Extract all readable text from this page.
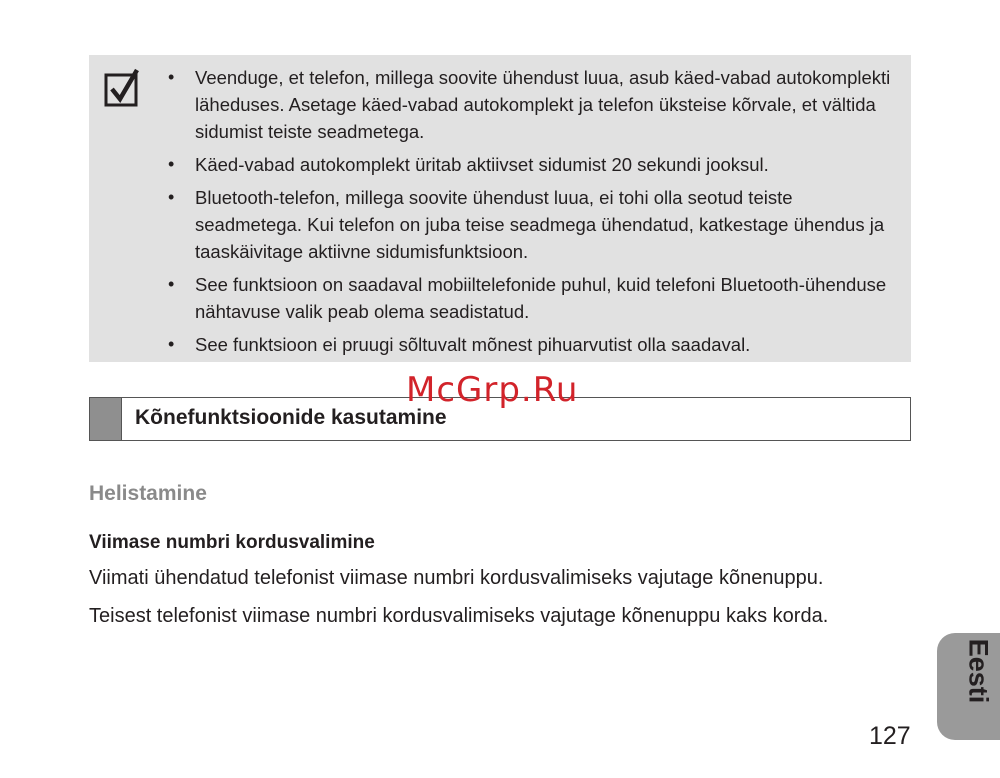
• Veenduge, et telefon, millega soovite ühendust luua, asub käed-vabad autokomplekti läheduses. Asetage käed-vabad autokomplekt ja telefon üksteise kõrvale, et vältida sidumist teiste seadmetega.
• Käed-vabad autokomplekt üritab aktiivset sidumist 20 sekundi jooksul.
• Bluetooth-telefon, millega soovite ühendust luua, ei tohi olla seotud teiste seadmetega. Kui telefon on juba teise seadmega ühendatud, katkestage ühendus ja taaskäivitage aktiivne sidumisfunktsioon.
• See funktsioon on saadaval mobiiltelefonide puhul, kuid telefoni Bluetooth-ühenduse nähtavuse valik peab olema seadistatud.
• See funktsioon ei pruugi sõltuvalt mõnest pihuarvutist olla saadaval.
Kõnefunktsioonide kasutamine
McGrp.Ru
Helistamine
Viimase numbri kordusvalimine

Viimati ühendatud telefonist viimase numbri kordusvalimiseks vajutage kõnenuppu.

Teisest telefonist viimase numbri kordusvalimiseks vajutage kõnenuppu kaks korda.

Eesti

127
